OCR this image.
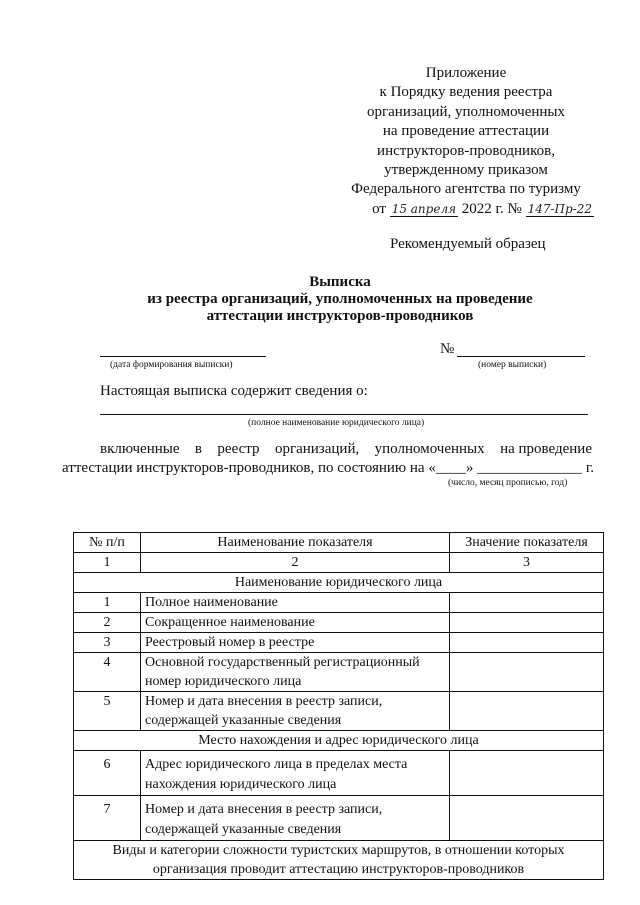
Приложение
к Порядку ведения реестра
организаций, уполномоченных
на проведение аттестации
инструкторов-проводников,
утвержденному приказом
Федерального агентства по туризму
от 15 апреля 2022 г. № 147-Пр-22
Рекомендуемый образец
Выписка
из реестра организаций, уполномоченных на проведение
аттестации инструкторов-проводников
(дата формирования выписки)
№
(номер выписки)
Настоящая выписка содержит сведения о:
(полное наименование юридического лица)
включенные в реестр организаций, уполномоченных на проведение
аттестации инструкторов-проводников, по состоянию на «____» ______________ г.
(число, месяц прописью, год)
№ п/п	Наименование показателя	Значение показателя
1	2	3
Наименование юридического лица		
1	Полное наименование	
2	Сокращенное наименование	
3	Реестровый номер в реестре	
4	Основной государственный регистрационный номер юридического лица	
5	Номер и дата внесения в реестр записи, содержащей указанные сведения	
Место нахождения и адрес юридического лица		
6	Адрес юридического лица в пределах места нахождения юридического лица	
7	Номер и дата внесения в реестр записи, содержащей указанные сведения	
Виды и категории сложности туристских маршрутов, в отношении которых организация проводит аттестацию инструкторов-проводников		
